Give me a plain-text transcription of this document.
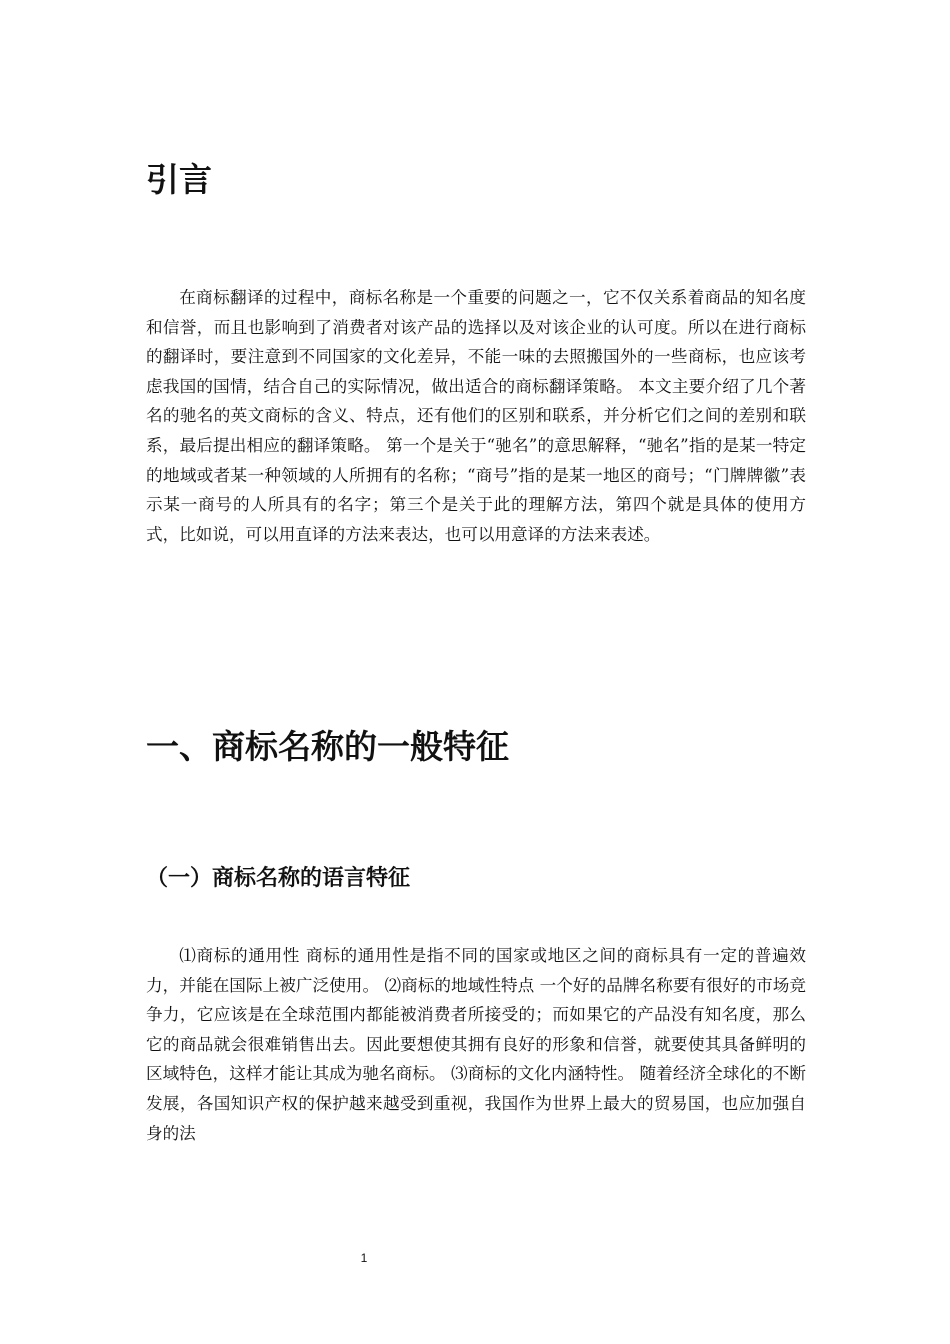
引言

在商标翻译的过程中，商标名称是一个重要的问题之一，它不仅关系着商品的知名度和信誉，而且也影响到了消费者对该产品的选择以及对该企业的认可度。所以在进行商标的翻译时，要注意到不同国家的文化差异，不能一味的去照搬国外的一些商标，也应该考虑我国的国情，结合自己的实际情况，做出适合的商标翻译策略。 本文主要介绍了几个著名的驰名的英文商标的含义、特点，还有他们的区别和联系，并分析它们之间的差别和联系，最后提出相应的翻译策略。 第一个是关于“驰名”的意思解释，“驰名”指的是某一特定的地域或者某一种领域的人所拥有的名称；“商号”指的是某一地区的商号；“门牌牌徽”表示某一商号的人所具有的名字；第三个是关于此的理解方法，第四个就是具体的使用方式，比如说，可以用直译的方法来表达，也可以用意译的方法来表述。

一、商标名称的一般特征
（一）商标名称的语言特征

⑴商标的通用性 商标的通用性是指不同的国家或地区之间的商标具有一定的普遍效力，并能在国际上被广泛使用。 ⑵商标的地域性特点 一个好的品牌名称要有很好的市场竞争力，它应该是在全球范围内都能被消费者所接受的；而如果它的产品没有知名度，那么它的商品就会很难销售出去。因此要想使其拥有良好的形象和信誉，就要使其具备鲜明的区域特色，这样才能让其成为驰名商标。 ⑶商标的文化内涵特性。 随着经济全球化的不断发展，各国知识产权的保护越来越受到重视，我国作为世界上最大的贸易国，也应加强自身的法

1
